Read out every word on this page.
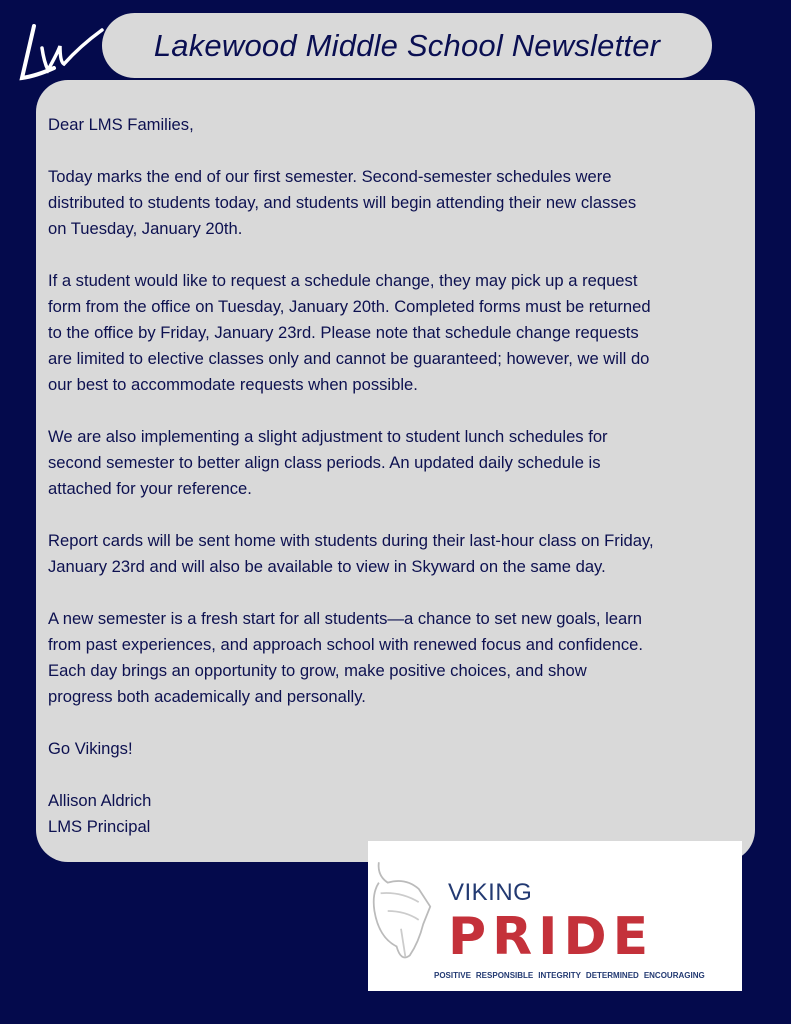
Lakewood Middle School Newsletter
Dear LMS Families,
Today marks the end of our first semester. Second-semester schedules were
distributed to students today, and students will begin attending their new classes
on Tuesday, January 20th.
If a student would like to request a schedule change, they may pick up a request
form from the office on Tuesday, January 20th. Completed forms must be returned
to the office by Friday, January 23rd. Please note that schedule change requests
are limited to elective classes only and cannot be guaranteed; however, we will do
our best to accommodate requests when possible.
We are also implementing a slight adjustment to student lunch schedules for
second semester to better align class periods. An updated daily schedule is
attached for your reference.
Report cards will be sent home with students during their last-hour class on Friday,
January 23rd and will also be available to view in Skyward on the same day.
A new semester is a fresh start for all students—a chance to set new goals, learn
from past experiences, and approach school with renewed focus and confidence.
Each day brings an opportunity to grow, make positive choices, and show
progress both academically and personally.
Go Vikings!
Allison Aldrich
LMS Principal
VIKING
PRIDE
POSITIVE RESPONSIBLE INTEGRITY DETERMINED ENCOURAGING
